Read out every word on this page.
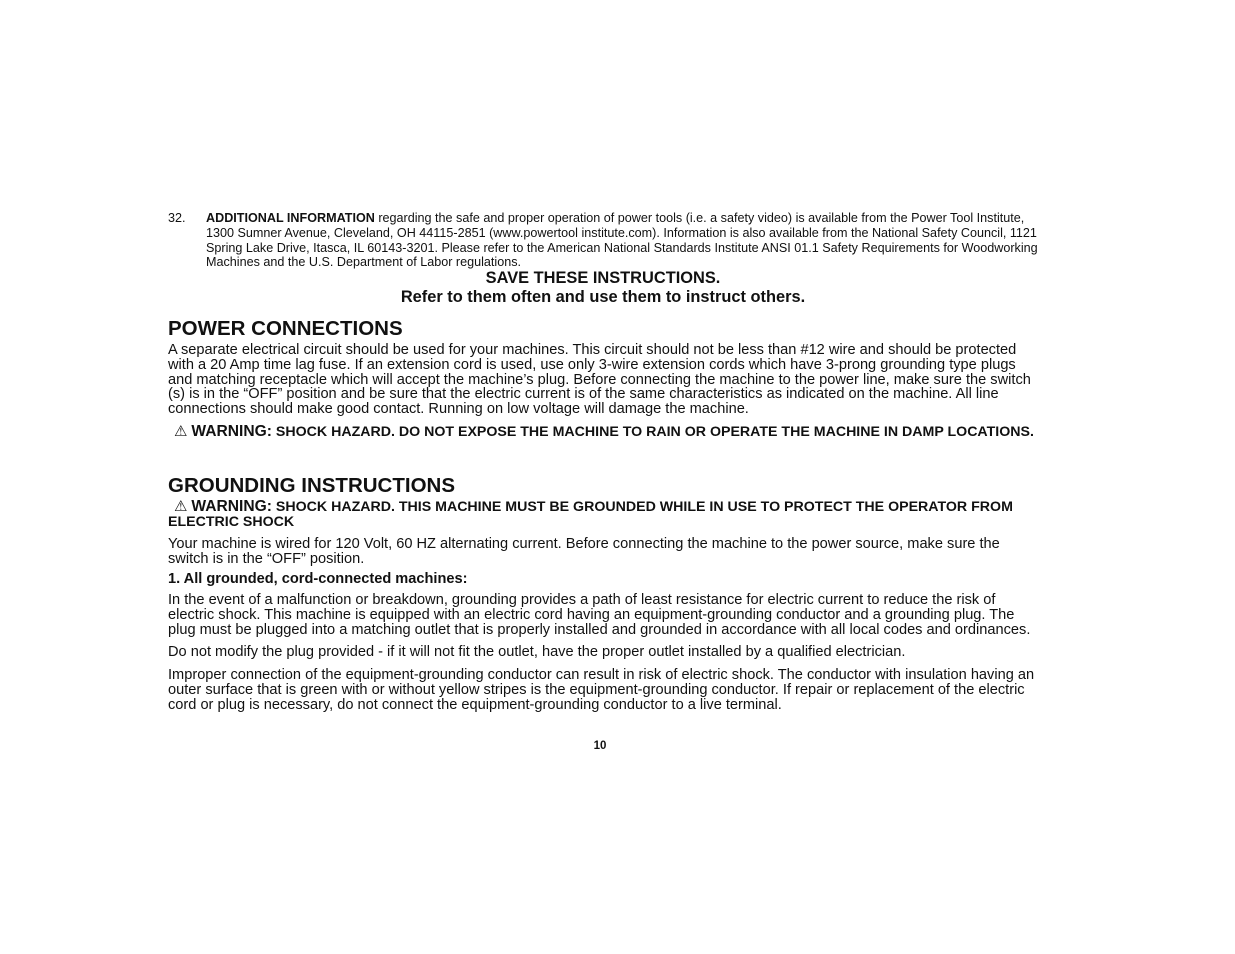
32. ADDITIONAL INFORMATION regarding the safe and proper operation of power tools (i.e. a safety video) is available from the Power Tool Institute, 1300 Sumner Avenue, Cleveland, OH 44115-2851 (www.powertool institute.com). Information is also available from the National Safety Council, 1121 Spring Lake Drive, Itasca, IL 60143-3201. Please refer to the American National Standards Institute ANSI 01.1 Safety Requirements for Woodworking Machines and the U.S. Department of Labor regulations.
SAVE THESE INSTRUCTIONS.
Refer to them often and use them to instruct others.
POWER CONNECTIONS

A separate electrical circuit should be used for your machines. This circuit should not be less than #12 wire and should be protected with a 20 Amp time lag fuse. If an extension cord is used, use only 3-wire extension cords which have 3-prong grounding type plugs and matching receptacle which will accept the machine’s plug. Before connecting the machine to the power line, make sure the switch (s) is in the “OFF” position and be sure that the electric current is of the same characteristics as indicated on the machine. All line connections should make good contact. Running on low voltage will damage the machine.

⚠ WARNING: SHOCK HAZARD. DO NOT EXPOSE THE MACHINE TO RAIN OR OPERATE THE MACHINE IN DAMP LOCATIONS.

GROUNDING INSTRUCTIONS

⚠ WARNING: SHOCK HAZARD. THIS MACHINE MUST BE GROUNDED WHILE IN USE TO PROTECT THE OPERATOR FROM ELECTRIC SHOCK

Your machine is wired for 120 Volt, 60 HZ alternating current. Before connecting the machine to the power source, make sure the switch is in the “OFF” position.

1. All grounded, cord-connected machines:

In the event of a malfunction or breakdown, grounding provides a path of least resistance for electric current to reduce the risk of electric shock. This machine is equipped with an electric cord having an equipment-grounding conductor and a grounding plug. The plug must be plugged into a matching outlet that is properly installed and grounded in accordance with all local codes and ordinances.

Do not modify the plug provided - if it will not fit the outlet, have the proper outlet installed by a qualified electrician.

Improper connection of the equipment-grounding conductor can result in risk of electric shock. The conductor with insulation having an outer surface that is green with or without yellow stripes is the equipment-grounding conductor. If repair or replacement of the electric cord or plug is necessary, do not connect the equipment-grounding conductor to a live terminal.

10
